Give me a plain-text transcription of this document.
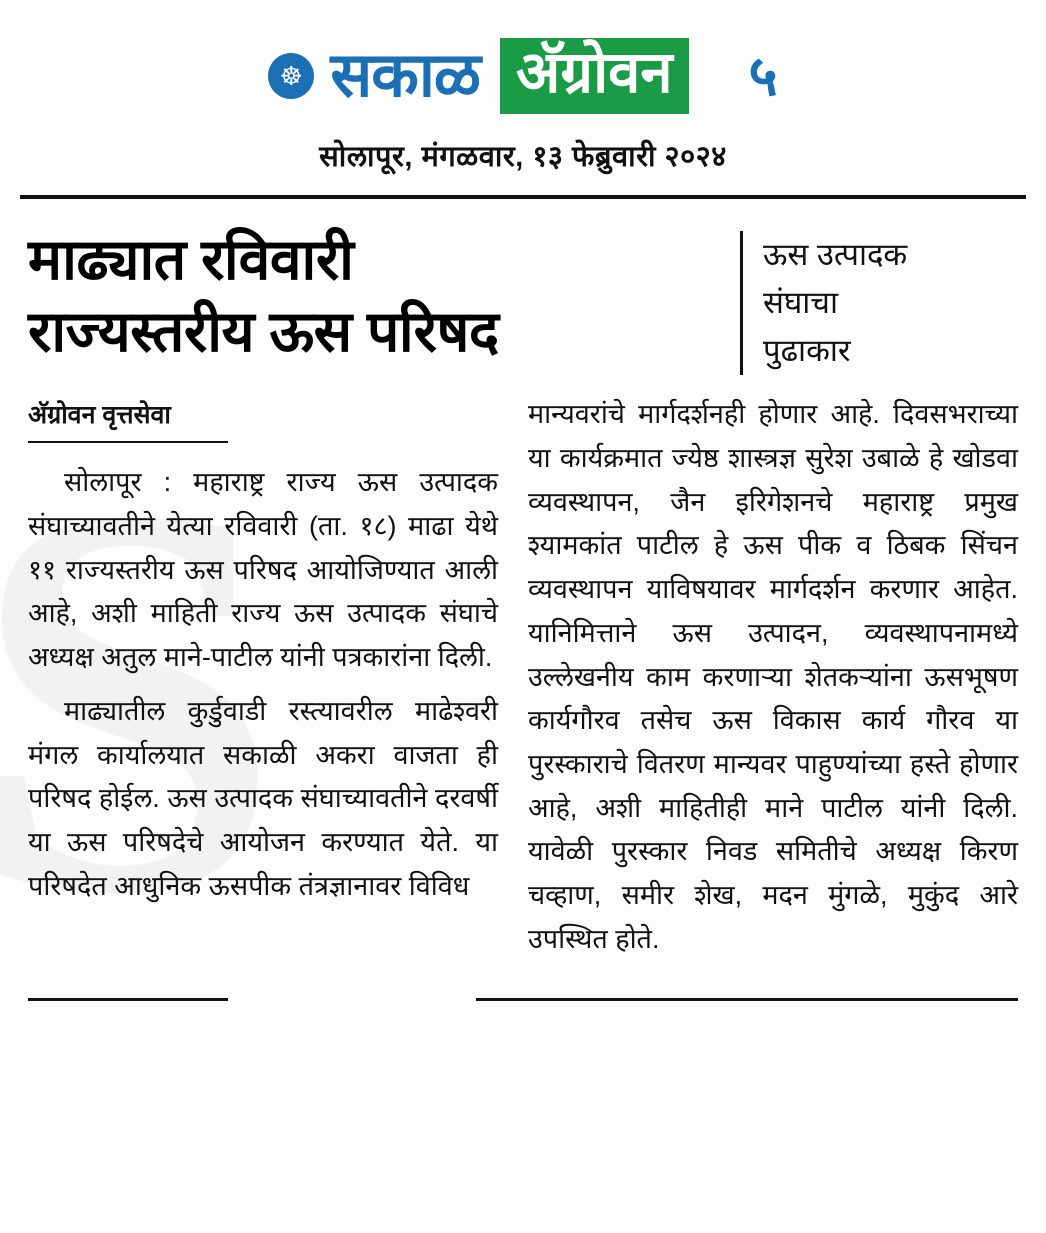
☸ सकाळ अ‍ॅग्रोवन ५
सोलापूर, मंगळवार, १३ फेब्रुवारी २०२४
माढ्यात रविवारी
राज्यस्तरीय ऊस परिषद
ऊस उत्पादक
संघाचा
पुढाकार
अ‍ॅग्रोवन वृत्तसेवा

सोलापूर : महाराष्ट्र राज्य ऊस उत्पादक संघाच्यावतीने येत्या रविवारी (ता. १८) माढा येथे ११ राज्यस्तरीय ऊस परिषद आयोजिण्यात आली आहे, अशी माहिती राज्य ऊस उत्पादक संघाचे अध्यक्ष अतुल माने-पाटील यांनी पत्रकारांना दिली.

माढ्यातील कुर्डुवाडी रस्त्यावरील माढेश्वरी मंगल कार्यालयात सकाळी अकरा वाजता ही परिषद होईल. ऊस उत्पादक संघाच्यावतीने दरवर्षी या ऊस परिषदेचे आयोजन करण्यात येते. या परिषदेत आधुनिक ऊसपीक तंत्रज्ञानावर विविध

मान्यवरांचे मार्गदर्शनही होणार आहे. दिवसभराच्या या कार्यक्रमात ज्येष्ठ शास्त्रज्ञ सुरेश उबाळे हे खोडवा व्यवस्थापन, जैन इरिगेशनचे महाराष्ट्र प्रमुख श्यामकांत पाटील हे ऊस पीक व ठिबक सिंचन व्यवस्थापन याविषयावर मार्गदर्शन करणार आहेत. यानिमित्ताने ऊस उत्पादन, व्यवस्थापनामध्ये उल्लेखनीय काम करणाऱ्या शेतकऱ्यांना ऊसभूषण कार्यगौरव तसेच ऊस विकास कार्य गौरव या पुरस्काराचे वितरण मान्यवर पाहुण्यांच्या हस्ते होणार आहे, अशी माहितीही माने पाटील यांनी दिली. यावेळी पुरस्कार निवड समितीचे अध्यक्ष किरण चव्हाण, समीर शेख, मदन मुंगळे, मुकुंद आरे उपस्थित होते.
